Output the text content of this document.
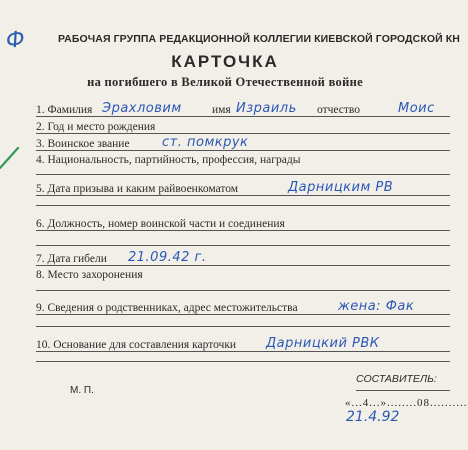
Ф	РАБОЧАЯ ГРУППА РЕДАКЦИОННОЙ КОЛЛЕГИИ КИЕВСКОЙ ГОРОДСКОЙ КН
КАРТОЧКА
на погибшего в Великой Отечественной войне
1. Фамилия Эрахловим	имя Израиль отчество	Моис
2. Год и место рождения
3. Воинское звание ст. помкрук
4. Национальность, партийность, профессия, награды
5. Дата призыва и каким райвоенкоматом	Дарницким РВ
6. Должность, номер воинской части и соединения
7. Дата гибели 21.09.42 г.
8. Место захоронения
9. Сведения о родственниках, адрес местожительства	жена: Фак
10. Основание для составления карточки Дарницкий РВК
М. П.
СОСТАВИТЕЛЬ:
«...4...»........08..........
21.4.92
